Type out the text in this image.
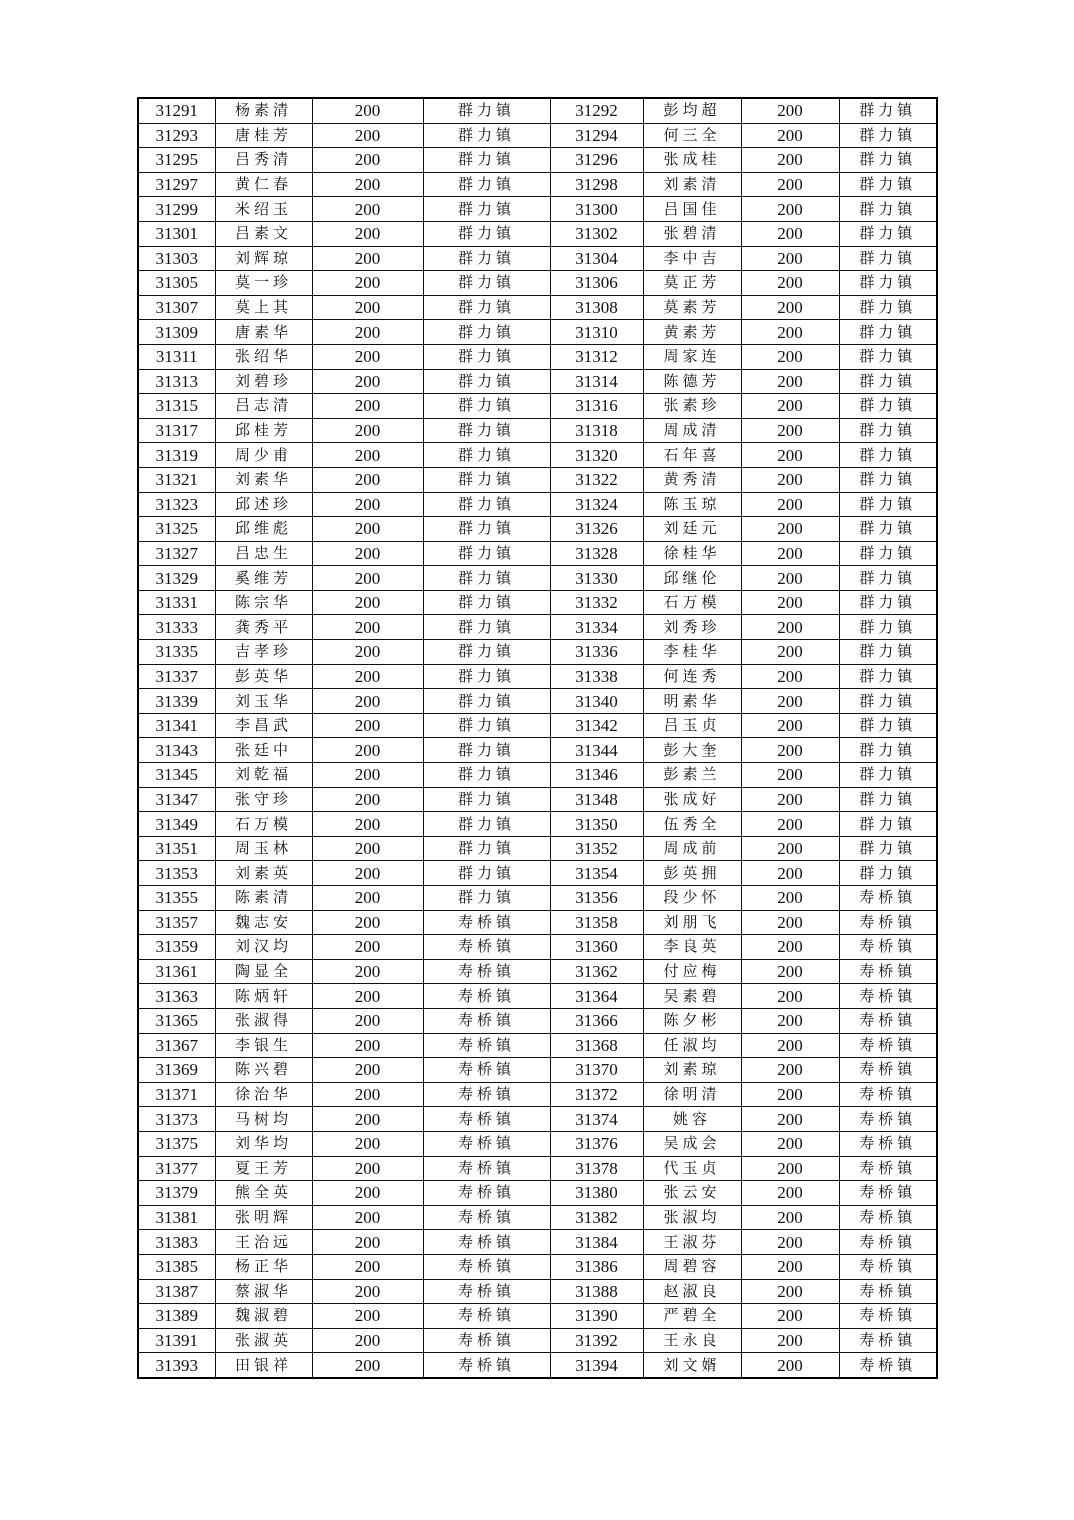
31291	杨素清	200	群力镇	31292	彭均超	200	群力镇
31293	唐桂芳	200	群力镇	31294	何三全	200	群力镇
31295	吕秀清	200	群力镇	31296	张成桂	200	群力镇
31297	黄仁春	200	群力镇	31298	刘素清	200	群力镇
31299	米绍玉	200	群力镇	31300	吕国佳	200	群力镇
31301	吕素文	200	群力镇	31302	张碧清	200	群力镇
31303	刘辉琼	200	群力镇	31304	李中吉	200	群力镇
31305	莫一珍	200	群力镇	31306	莫正芳	200	群力镇
31307	莫上其	200	群力镇	31308	莫素芳	200	群力镇
31309	唐素华	200	群力镇	31310	黄素芳	200	群力镇
31311	张绍华	200	群力镇	31312	周家连	200	群力镇
31313	刘碧珍	200	群力镇	31314	陈德芳	200	群力镇
31315	吕志清	200	群力镇	31316	张素珍	200	群力镇
31317	邱桂芳	200	群力镇	31318	周成清	200	群力镇
31319	周少甫	200	群力镇	31320	石年喜	200	群力镇
31321	刘素华	200	群力镇	31322	黄秀清	200	群力镇
31323	邱述珍	200	群力镇	31324	陈玉琼	200	群力镇
31325	邱维彪	200	群力镇	31326	刘廷元	200	群力镇
31327	吕忠生	200	群力镇	31328	徐桂华	200	群力镇
31329	奚维芳	200	群力镇	31330	邱继伦	200	群力镇
31331	陈宗华	200	群力镇	31332	石万模	200	群力镇
31333	龚秀平	200	群力镇	31334	刘秀珍	200	群力镇
31335	吉孝珍	200	群力镇	31336	李桂华	200	群力镇
31337	彭英华	200	群力镇	31338	何连秀	200	群力镇
31339	刘玉华	200	群力镇	31340	明素华	200	群力镇
31341	李昌武	200	群力镇	31342	吕玉贞	200	群力镇
31343	张廷中	200	群力镇	31344	彭大奎	200	群力镇
31345	刘乾福	200	群力镇	31346	彭素兰	200	群力镇
31347	张守珍	200	群力镇	31348	张成好	200	群力镇
31349	石万模	200	群力镇	31350	伍秀全	200	群力镇
31351	周玉林	200	群力镇	31352	周成前	200	群力镇
31353	刘素英	200	群力镇	31354	彭英拥	200	群力镇
31355	陈素清	200	群力镇	31356	段少怀	200	寿桥镇
31357	魏志安	200	寿桥镇	31358	刘朋飞	200	寿桥镇
31359	刘汉均	200	寿桥镇	31360	李良英	200	寿桥镇
31361	陶显全	200	寿桥镇	31362	付应梅	200	寿桥镇
31363	陈炳轩	200	寿桥镇	31364	吴素碧	200	寿桥镇
31365	张淑得	200	寿桥镇	31366	陈夕彬	200	寿桥镇
31367	李银生	200	寿桥镇	31368	任淑均	200	寿桥镇
31369	陈兴碧	200	寿桥镇	31370	刘素琼	200	寿桥镇
31371	徐治华	200	寿桥镇	31372	徐明清	200	寿桥镇
31373	马树均	200	寿桥镇	31374	姚容	200	寿桥镇
31375	刘华均	200	寿桥镇	31376	吴成会	200	寿桥镇
31377	夏王芳	200	寿桥镇	31378	代玉贞	200	寿桥镇
31379	熊全英	200	寿桥镇	31380	张云安	200	寿桥镇
31381	张明辉	200	寿桥镇	31382	张淑均	200	寿桥镇
31383	王治远	200	寿桥镇	31384	王淑芬	200	寿桥镇
31385	杨正华	200	寿桥镇	31386	周碧容	200	寿桥镇
31387	蔡淑华	200	寿桥镇	31388	赵淑良	200	寿桥镇
31389	魏淑碧	200	寿桥镇	31390	严碧全	200	寿桥镇
31391	张淑英	200	寿桥镇	31392	王永良	200	寿桥镇
31393	田银祥	200	寿桥镇	31394	刘文婿	200	寿桥镇
